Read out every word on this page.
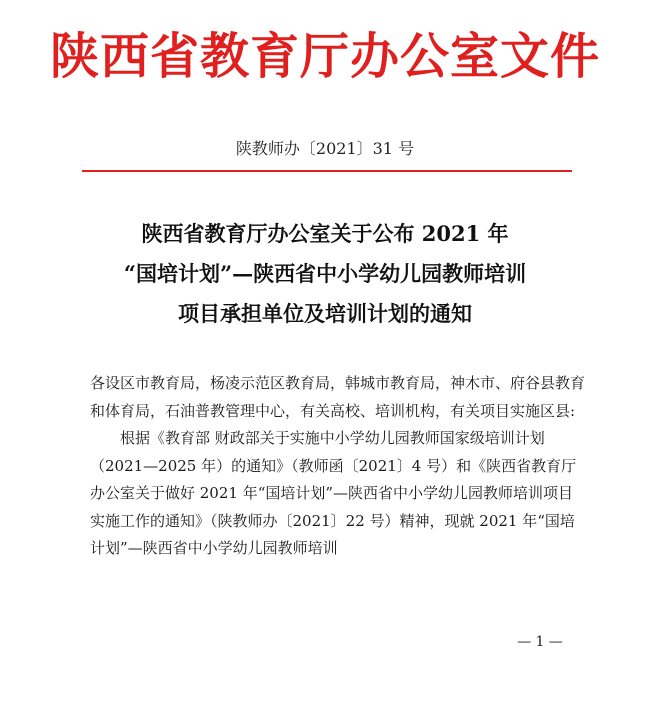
陕西省教育厅办公室文件
陕教师办〔2021〕31 号
陕西省教育厅办公室关于公布 2021 年
“国培计划”—陕西省中小学幼儿园教师培训
项目承担单位及培训计划的通知

各设区市教育局，杨凌示范区教育局，韩城市教育局，神木市、府谷县教育和体育局，石油普教管理中心，有关高校、培训机构，有关项目实施区县:

根据《教育部 财政部关于实施中小学幼儿园教师国家级培训计划（2021—2025 年）的通知》（教师函〔2021〕4 号）和《陕西省教育厅办公室关于做好 2021 年“国培计划”—陕西省中小学幼儿园教师培训项目实施工作的通知》（陕教师办〔2021〕22 号）精神，现就 2021 年“国培计划”—陕西省中小学幼儿园教师培训

— 1 —
